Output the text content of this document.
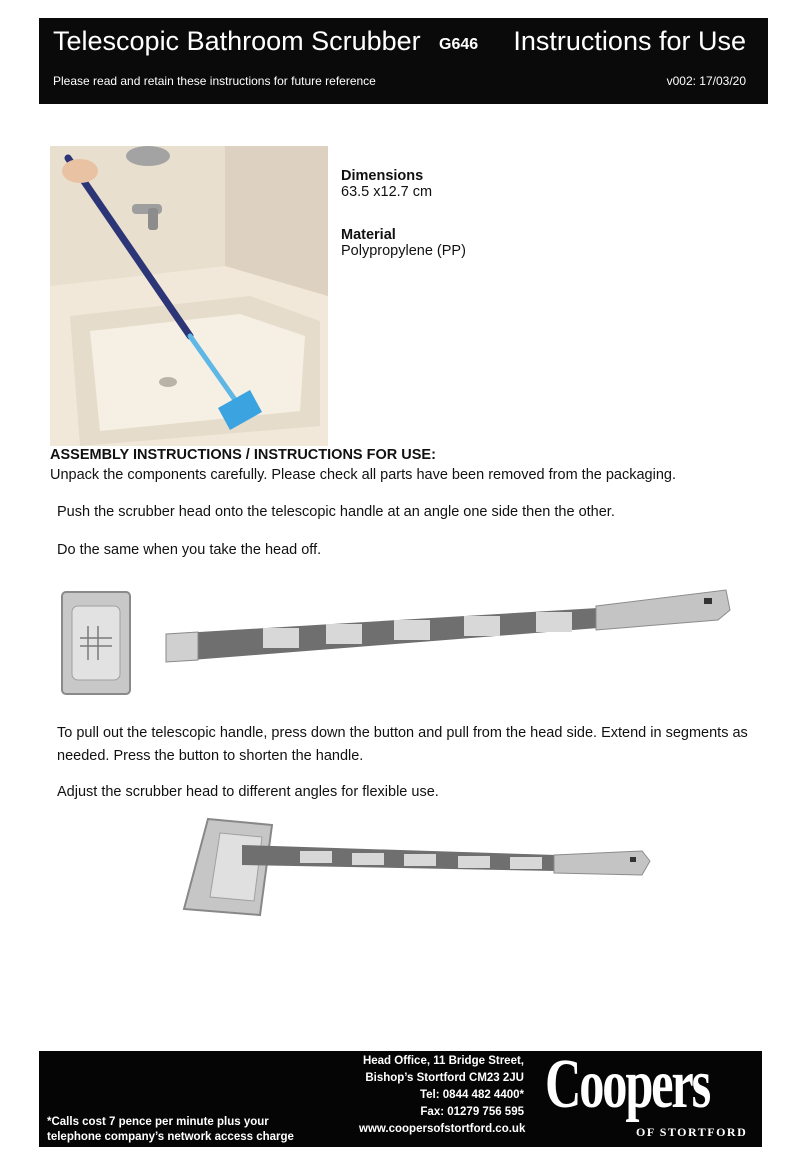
Telescopic Bathroom Scrubber G646 Instructions for Use
Please read and retain these instructions for future reference	v002: 17/03/20
Dimensions
63.5 x12.7 cm
Material
Polypropylene (PP)
ASSEMBLY INSTRUCTIONS / INSTRUCTIONS FOR USE:
Unpack the components carefully. Please check all parts have been removed from the packaging.
Push the scrubber head onto the telescopic handle at an angle one side then the other.
Do the same when you take the head off.
To pull out the telescopic handle, press down the button and pull from the head side. Extend in segments as needed. Press the button to shorten the handle.
Adjust the scrubber head to different angles for flexible use.
Head Office, 11 Bridge Street,
Bishop’s Stortford CM23 2JU
Tel: 0844 482 4400*
Fax: 01279 756 595
www.coopersofstortford.co.uk
*Calls cost 7 pence per minute plus your
telephone company’s network access charge
Coopers
OF STORTFORD
